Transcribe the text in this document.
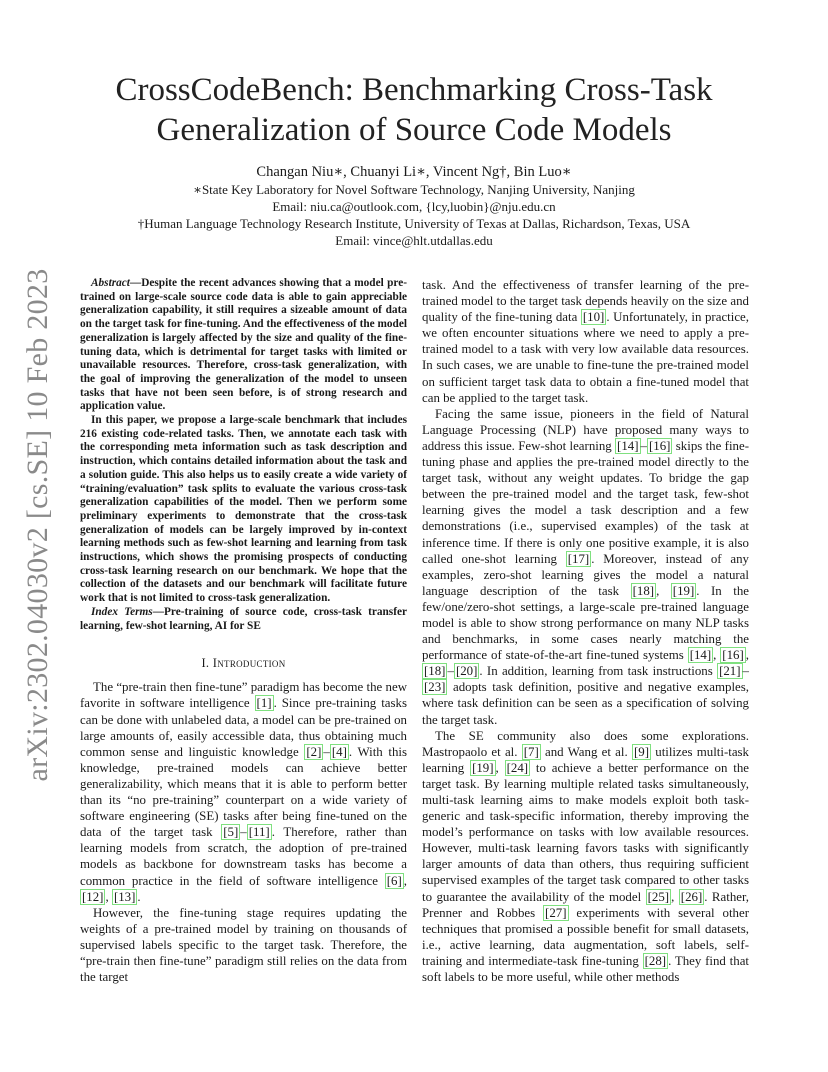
arXiv:2302.04030v2 [cs.SE] 10 Feb 2023
CrossCodeBench: Benchmarking Cross-Task Generalization of Source Code Models
Changan Niu∗, Chuanyi Li∗, Vincent Ng†, Bin Luo∗
∗State Key Laboratory for Novel Software Technology, Nanjing University, Nanjing
Email: niu.ca@outlook.com, {lcy,luobin}@nju.edu.cn
†Human Language Technology Research Institute, University of Texas at Dallas, Richardson, Texas, USA
Email: vince@hlt.utdallas.edu

Abstract—Despite the recent advances showing that a model pre-trained on large-scale source code data is able to gain appreciable generalization capability, it still requires a sizeable amount of data on the target task for fine-tuning. And the effectiveness of the model generalization is largely affected by the size and quality of the fine-tuning data, which is detrimental for target tasks with limited or unavailable resources. Therefore, cross-task generalization, with the goal of improving the generalization of the model to unseen tasks that have not been seen before, is of strong research and application value.

In this paper, we propose a large-scale benchmark that includes 216 existing code-related tasks. Then, we annotate each task with the corresponding meta information such as task description and instruction, which contains detailed information about the task and a solution guide. This also helps us to easily create a wide variety of “training/evaluation” task splits to evaluate the various cross-task generalization capabilities of the model. Then we perform some preliminary experiments to demonstrate that the cross-task generalization of models can be largely improved by in-context learning methods such as few-shot learning and learning from task instructions, which shows the promising prospects of conducting cross-task learning research on our benchmark. We hope that the collection of the datasets and our benchmark will facilitate future work that is not limited to cross-task generalization.

Index Terms—Pre-training of source code, cross-task transfer learning, few-shot learning, AI for SE

I. Introduction

The “pre-train then fine-tune” paradigm has become the new favorite in software intelligence [1] . Since pre-training tasks can be done with unlabeled data, a model can be pre-trained on large amounts of, easily accessible data, thus obtaining much common sense and linguistic knowledge [2] – [4] . With this knowledge, pre-trained models can achieve better generalizability, which means that it is able to perform better than its “no pre-training” counterpart on a wide variety of software engineering (SE) tasks after being fine-tuned on the data of the target task [5] – [11] . Therefore, rather than learning models from scratch, the adoption of pre-trained models as backbone for downstream tasks has become a common practice in the field of software intelligence [6] , [12] , [13] .

However, the fine-tuning stage requires updating the weights of a pre-trained model by training on thousands of supervised labels specific to the target task. Therefore, the “pre-train then fine-tune” paradigm still relies on the data from the target

task. And the effectiveness of transfer learning of the pre-trained model to the target task depends heavily on the size and quality of the fine-tuning data [10] . Unfortunately, in practice, we often encounter situations where we need to apply a pre-trained model to a task with very low available data resources. In such cases, we are unable to fine-tune the pre-trained model on sufficient target task data to obtain a fine-tuned model that can be applied to the target task.

Facing the same issue, pioneers in the field of Natural Language Processing (NLP) have proposed many ways to address this issue. Few-shot learning [14] – [16] skips the fine-tuning phase and applies the pre-trained model directly to the target task, without any weight updates. To bridge the gap between the pre-trained model and the target task, few-shot learning gives the model a task description and a few demonstrations (i.e., supervised examples) of the task at inference time. If there is only one positive example, it is also called one-shot learning [17] . Moreover, instead of any examples, zero-shot learning gives the model a natural language description of the task [18] , [19] . In the few/one/zero-shot settings, a large-scale pre-trained language model is able to show strong performance on many NLP tasks and benchmarks, in some cases nearly matching the performance of state-of-the-art fine-tuned systems [14] , [16] , [18] – [20] . In addition, learning from task instructions [21] –[23] adopts task definition, positive and negative examples, where task definition can be seen as a specification of solving the target task.

The SE community also does some explorations. Mastropaolo et al. [7] and Wang et al. [9] utilizes multi-task learning [19] , [24] to achieve a better performance on the target task. By learning multiple related tasks simultaneously, multi-task learning aims to make models exploit both task-generic and task-specific information, thereby improving the model’s performance on tasks with low available resources. However, multi-task learning favors tasks with significantly larger amounts of data than others, thus requiring sufficient supervised examples of the target task compared to other tasks to guarantee the availability of the model [25] , [26] . Rather, Prenner and Robbes [27] experiments with several other techniques that promised a possible benefit for small datasets, i.e., active learning, data augmentation, soft labels, self-training and intermediate-task fine-tuning [28] . They find that soft labels to be more useful, while other methods
